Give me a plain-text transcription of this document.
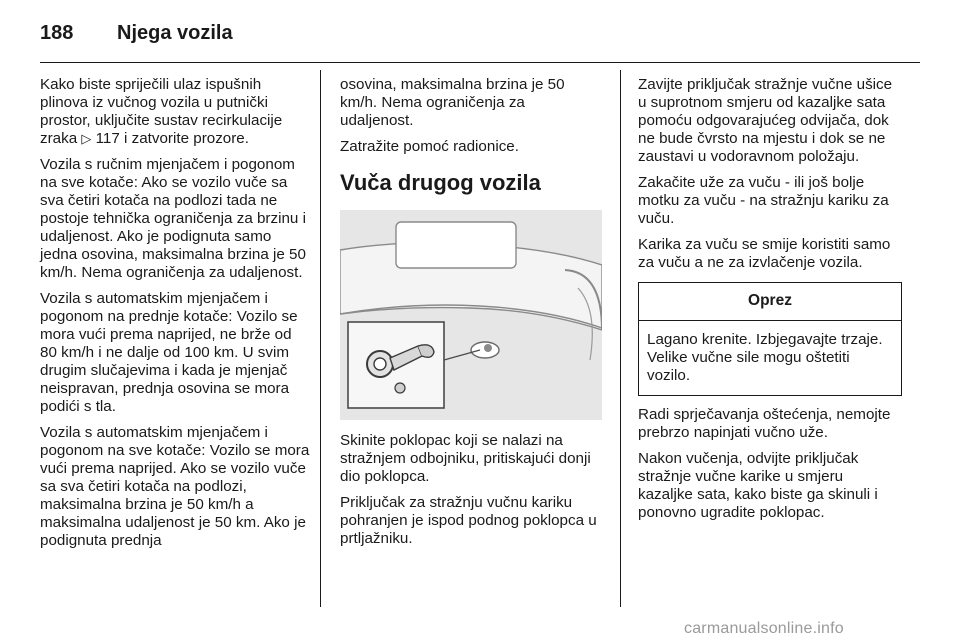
188 Njega vozila

Kako biste spriječili ulaz ispušnih plinova iz vučnog vozila u putnički prostor, uključite sustav recirkulacije zraka ▷ 117 i zatvorite prozore.

Vozila s ručnim mjenjačem i pogonom na sve kotače: Ako se vozilo vuče sa sva četiri kotača na podlozi tada ne postoje tehnička ograničenja za brzinu i udaljenost. Ako je podignuta samo jedna osovina, maksimalna brzina je 50 km/h. Nema ograničenja za udaljenost.

Vozila s automatskim mjenjačem i pogonom na prednje kotače: Vozilo se mora vući prema naprijed, ne brže od 80 km/h i ne dalje od 100 km. U svim drugim slučajevima i kada je mjenjač neispravan, prednja osovina se mora podići s tla.

Vozila s automatskim mjenjačem i pogonom na sve kotače: Vozilo se mora vući prema naprijed. Ako se vozilo vuče sa sva četiri kotača na podlozi, maksimalna brzina je 50 km/h a maksimalna udaljenost je 50 km. Ako je podignuta prednja

osovina, maksimalna brzina je 50 km/h. Nema ograničenja za udaljenost.

Zatražite pomoć radionice.

Vuča drugog vozila

Skinite poklopac koji se nalazi na stražnjem odbojniku, pritiskajući donji dio poklopca.

Priključak za stražnju vučnu kariku pohranjen je ispod podnog poklopca u prtljažniku.

Zavijte priključak stražnje vučne ušice u suprotnom smjeru od kazaljke sata pomoću odgovarajućeg odvijača, dok ne bude čvrsto na mjestu i dok se ne zaustavi u vodoravnom položaju.

Zakačite uže za vuču - ili još bolje motku za vuču - na stražnju kariku za vuču.

Karika za vuču se smije koristiti samo za vuču a ne za izvlačenje vozila.

Oprez
Lagano krenite. Izbjegavajte trzaje. Velike vučne sile mogu oštetiti vozilo.

Radi sprječavanja oštećenja, nemojte prebrzo napinjati vučno uže.

Nakon vučenja, odvijte priključak stražnje vučne karike u smjeru kazaljke sata, kako biste ga skinuli i ponovno ugradite poklopac.

carmanualsonline.info
